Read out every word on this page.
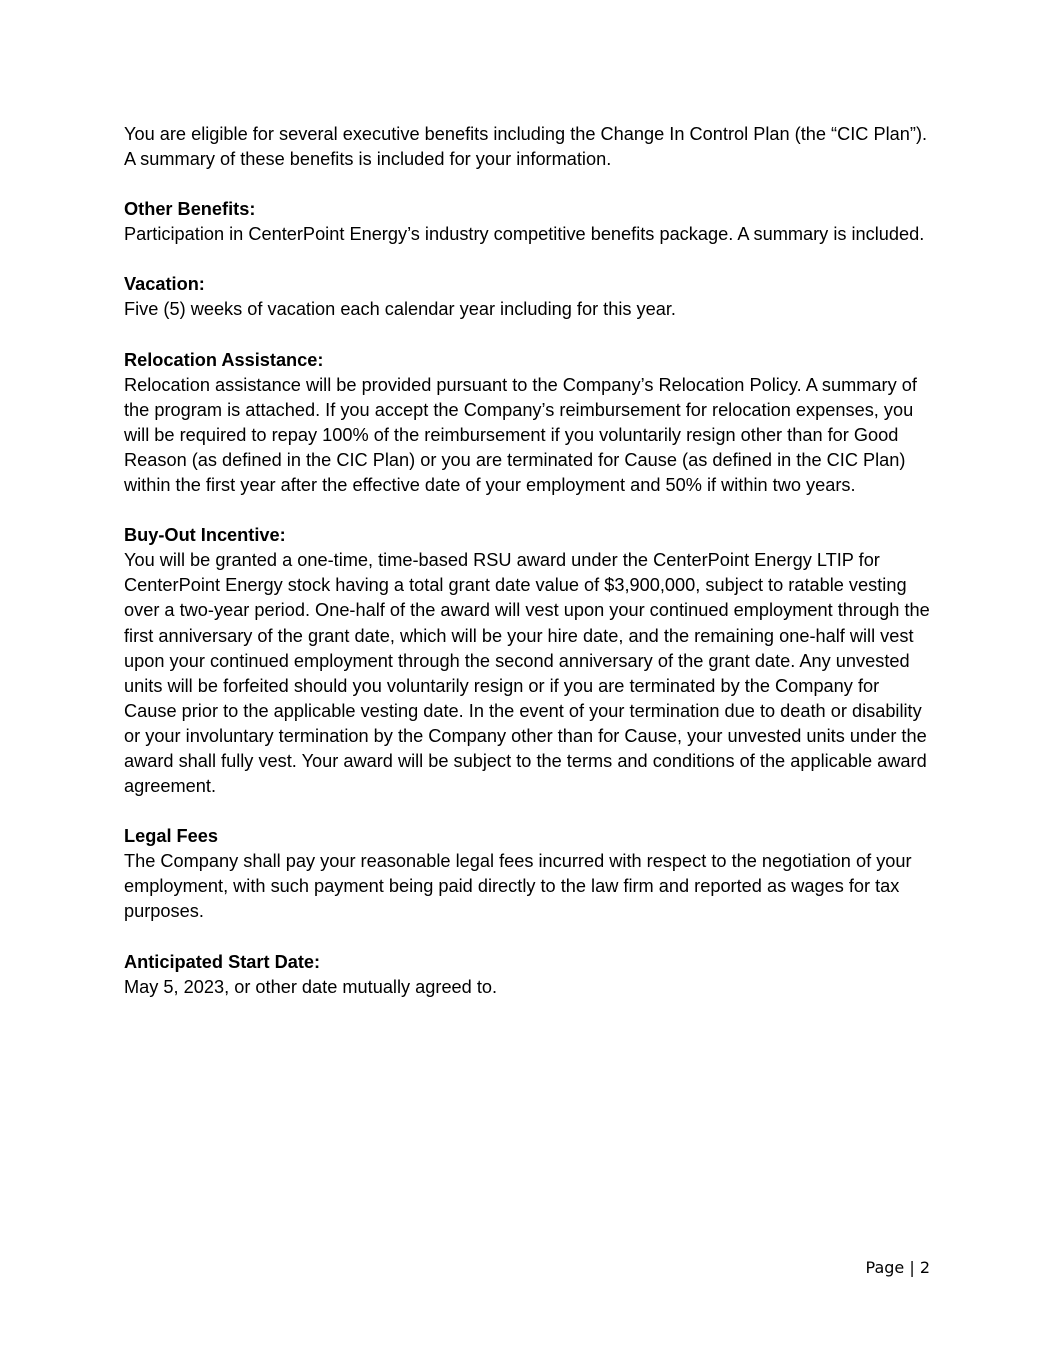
You are eligible for several executive benefits including the Change In Control Plan (the “CIC Plan”). A summary of these benefits is included for your information.

Other Benefits:

Participation in CenterPoint Energy’s industry competitive benefits package. A summary is included.

Vacation:

Five (5) weeks of vacation each calendar year including for this year.

Relocation Assistance:

Relocation assistance will be provided pursuant to the Company’s Relocation Policy. A summary of the program is attached. If you accept the Company’s reimbursement for relocation expenses, you will be required to repay 100% of the reimbursement if you voluntarily resign other than for Good Reason (as defined in the CIC Plan) or you are terminated for Cause (as defined in the CIC Plan) within the first year after the effective date of your employment and 50% if within two years.

Buy-Out Incentive:

You will be granted a one-time, time-based RSU award under the CenterPoint Energy LTIP for CenterPoint Energy stock having a total grant date value of $3,900,000, subject to ratable vesting over a two-year period. One-half of the award will vest upon your continued employment through the first anniversary of the grant date, which will be your hire date, and the remaining one-half will vest upon your continued employment through the second anniversary of the grant date. Any unvested units will be forfeited should you voluntarily resign or if you are terminated by the Company for Cause prior to the applicable vesting date. In the event of your termination due to death or disability or your involuntary termination by the Company other than for Cause, your unvested units under the award shall fully vest. Your award will be subject to the terms and conditions of the applicable award agreement.

Legal Fees

The Company shall pay your reasonable legal fees incurred with respect to the negotiation of your employment, with such payment being paid directly to the law firm and reported as wages for tax purposes.

Anticipated Start Date:

May 5, 2023, or other date mutually agreed to.

Page | 2
